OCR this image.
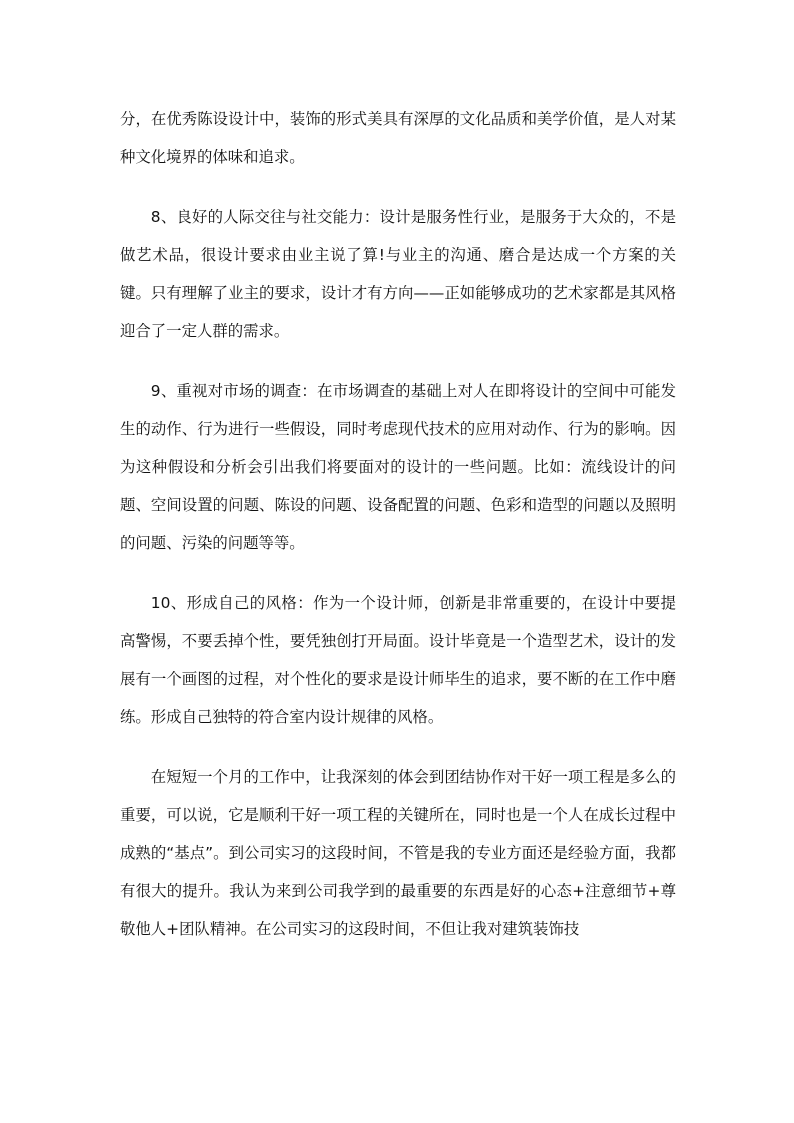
分，在优秀陈设设计中，装饰的形式美具有深厚的文化品质和美学价值，是人对某种文化境界的体味和追求。

8、良好的人际交往与社交能力：设计是服务性行业，是服务于大众的，不是做艺术品，很设计要求由业主说了算!与业主的沟通、磨合是达成一个方案的关键。只有理解了业主的要求，设计才有方向——正如能够成功的艺术家都是其风格迎合了一定人群的需求。

9、重视对市场的调查：在市场调查的基础上对人在即将设计的空间中可能发生的动作、行为进行一些假设，同时考虑现代技术的应用对动作、行为的影响。因为这种假设和分析会引出我们将要面对的设计的一些问题。比如：流线设计的问题、空间设置的问题、陈设的问题、设备配置的问题、色彩和造型的问题以及照明的问题、污染的问题等等。

10、形成自己的风格：作为一个设计师，创新是非常重要的，在设计中要提高警惕，不要丢掉个性，要凭独创打开局面。设计毕竟是一个造型艺术，设计的发展有一个画图的过程，对个性化的要求是设计师毕生的追求，要不断的在工作中磨练。形成自己独特的符合室内设计规律的风格。

在短短一个月的工作中，让我深刻的体会到团结协作对干好一项工程是多么的重要，可以说，它是顺利干好一项工程的关键所在，同时也是一个人在成长过程中成熟的“基点”。到公司实习的这段时间，不管是我的专业方面还是经验方面，我都有很大的提升。我认为来到公司我学到的最重要的东西是好的心态+注意细节+尊敬他人+团队精神。在公司实习的这段时间，不但让我对建筑装饰技
